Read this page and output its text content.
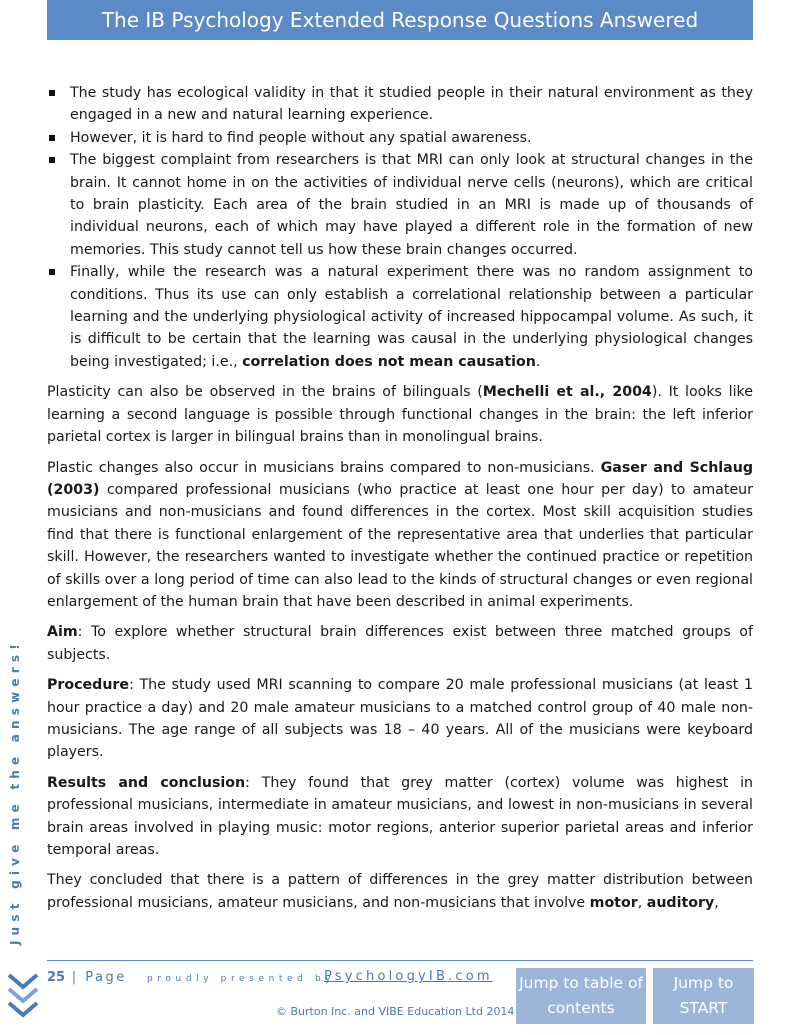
The IB Psychology Extended Response Questions Answered
The study has ecological validity in that it studied people in their natural environment as they engaged in a new and natural learning experience.
However, it is hard to find people without any spatial awareness.
The biggest complaint from researchers is that MRI can only look at structural changes in the brain. It cannot home in on the activities of individual nerve cells (neurons), which are critical to brain plasticity. Each area of the brain studied in an MRI is made up of thousands of individual neurons, each of which may have played a different role in the formation of new memories. This study cannot tell us how these brain changes occurred.
Finally, while the research was a natural experiment there was no random assignment to conditions. Thus its use can only establish a correlational relationship between a particular learning and the underlying physiological activity of increased hippocampal volume. As such, it is difficult to be certain that the learning was causal in the underlying physiological changes being investigated; i.e., correlation does not mean causation.

Plasticity can also be observed in the brains of bilinguals (Mechelli et al., 2004). It looks like learning a second language is possible through functional changes in the brain: the left inferior parietal cortex is larger in bilingual brains than in monolingual brains.

Plastic changes also occur in musicians brains compared to non-musicians. Gaser and Schlaug (2003) compared professional musicians (who practice at least one hour per day) to amateur musicians and non-musicians and found differences in the cortex. Most skill acquisition studies find that there is functional enlargement of the representative area that underlies that particular skill. However, the researchers wanted to investigate whether the continued practice or repetition of skills over a long period of time can also lead to the kinds of structural changes or even regional enlargement of the human brain that have been described in animal experiments.

Aim: To explore whether structural brain differences exist between three matched groups of subjects.

Procedure: The study used MRI scanning to compare 20 male professional musicians (at least 1 hour practice a day) and 20 male amateur musicians to a matched control group of 40 male non-musicians. The age range of all subjects was 18 – 40 years. All of the musicians were keyboard players.

Results and conclusion: They found that grey matter (cortex) volume was highest in professional musicians, intermediate in amateur musicians, and lowest in non-musicians in several brain areas involved in playing music: motor regions, anterior superior parietal areas and inferior temporal areas.

They concluded that there is a pattern of differences in the grey matter distribution between professional musicians, amateur musicians, and non-musicians that involve motor, auditory,

Just give me the answers!
25 | Page proudly presented by
PsychologyIB.com
© Burton Inc. and VIBE Education Ltd 2014
Jump to table of contents
Jump to START
